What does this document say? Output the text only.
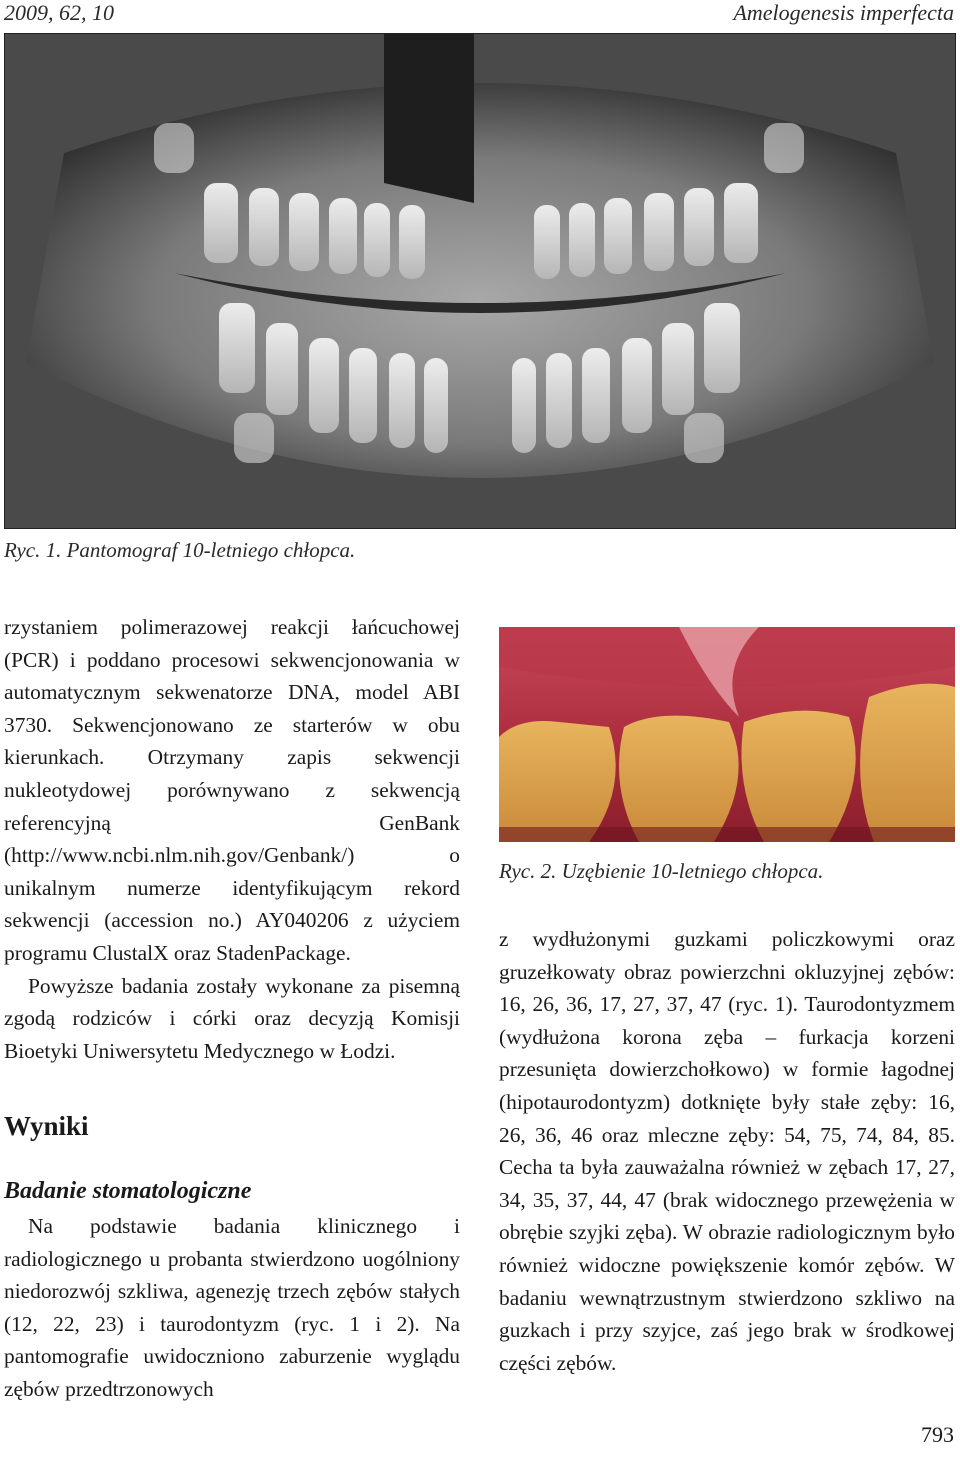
2009, 62, 10	Amelogenesis imperfecta
Ryc. 1. Pantomograf 10-letniego chłopca.

rzystaniem polimerazowej reakcji łańcuchowej (PCR) i poddano procesowi sekwencjonowania w automatycznym sekwenatorze DNA, model ABI 3730. Sekwencjonowano ze starterów w obu kierunkach. Otrzymany zapis sekwencji nukleotydowej porównywano z sekwencją referencyjną GenBank (http://www.ncbi.nlm.nih.gov/Genbank/) o unikalnym numerze identyfikującym rekord sekwencji (accession no.) AY040206 z użyciem programu ClustalX oraz StadenPackage.

Powyższe badania zostały wykonane za pisemną zgodą rodziców i córki oraz decyzją Komisji Bioetyki Uniwersytetu Medycznego w Łodzi.

Wyniki
Badanie stomatologiczne

Na podstawie badania klinicznego i radiologicznego u probanta stwierdzono uogólniony niedorozwój szkliwa, agenezję trzech zębów stałych (12, 22, 23) i taurodontyzm (ryc. 1 i 2). Na pantomografie uwidoczniono zaburzenie wyglądu zębów przedtrzonowych

Ryc. 2. Uzębienie 10-letniego chłopca.

z wydłużonymi guzkami policzkowymi oraz gruzełkowaty obraz powierzchni okluzyjnej zębów: 16, 26, 36, 17, 27, 37, 47 (ryc. 1). Taurodontyzmem (wydłużona korona zęba – furkacja korzeni przesunięta dowierzchołkowo) w formie łagodnej (hipotaurodontyzm) dotknięte były stałe zęby: 16, 26, 36, 46 oraz mleczne zęby: 54, 75, 74, 84, 85. Cecha ta była zauważalna również w zębach 17, 27, 34, 35, 37, 44, 47 (brak widocznego przewężenia w obrębie szyjki zęba). W obrazie radiologicznym było również widoczne powiększenie komór zębów. W badaniu wewnątrzustnym stwierdzono szkliwo na guzkach i przy szyjce, zaś jego brak w środkowej części zębów.

793
